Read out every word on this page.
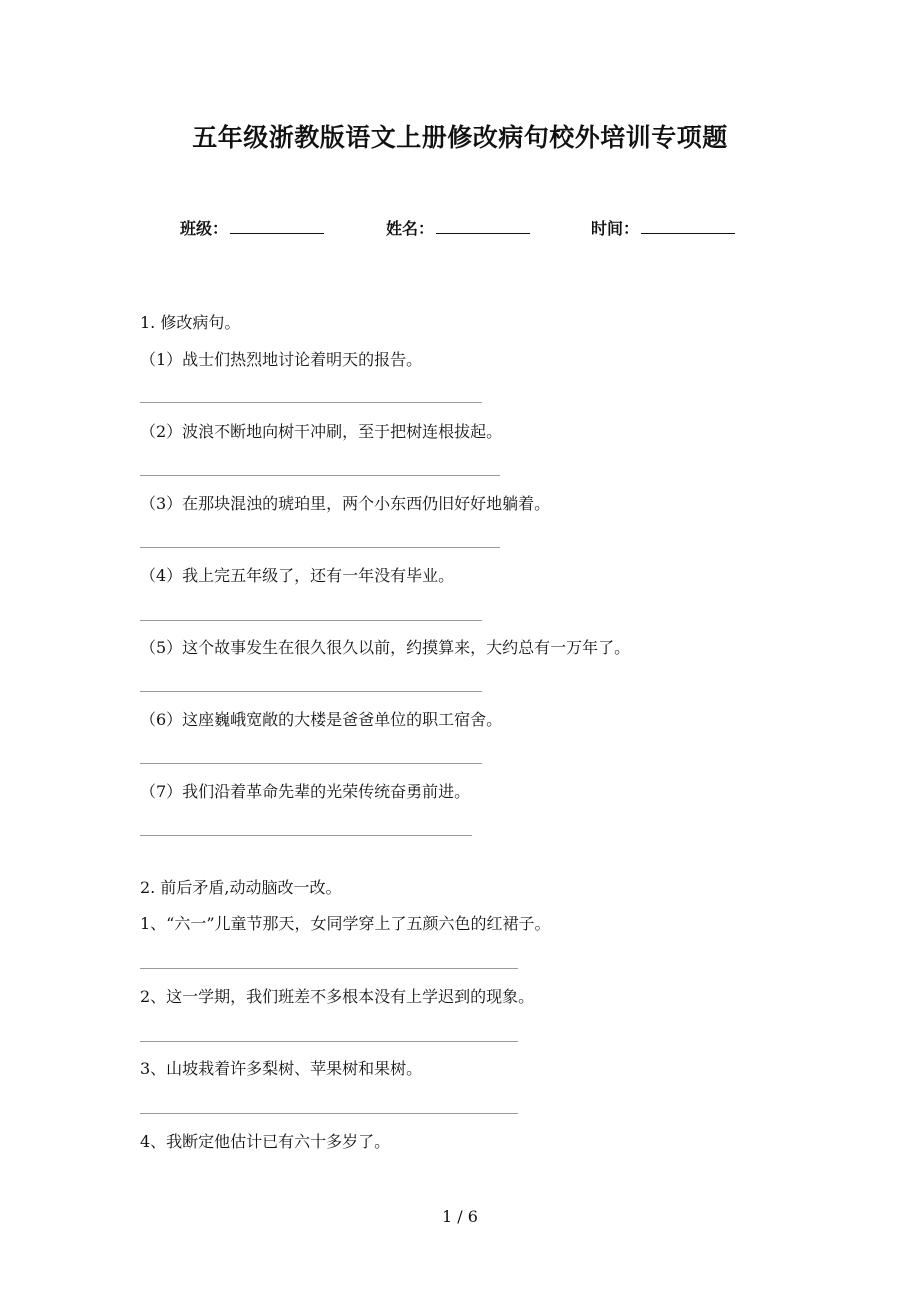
五年级浙教版语文上册修改病句校外培训专项题
班级：	姓名：	时间：
1. 修改病句。
（1）战士们热烈地讨论着明天的报告。
（2）波浪不断地向树干冲刷，至于把树连根拔起。
（3）在那块混浊的琥珀里，两个小东西仍旧好好地躺着。
（4）我上完五年级了，还有一年没有毕业。
（5）这个故事发生在很久很久以前，约摸算来，大约总有一万年了。
（6）这座巍峨宽敞的大楼是爸爸单位的职工宿舍。
（7）我们沿着革命先辈的光荣传统奋勇前进。
2. 前后矛盾,动动脑改一改。
1、“六一”儿童节那天，女同学穿上了五颜六色的红裙子。
2、这一学期，我们班差不多根本没有上学迟到的现象。
3、山坡栽着许多梨树、苹果树和果树。
4、我断定他估计已有六十多岁了。
1 / 6
